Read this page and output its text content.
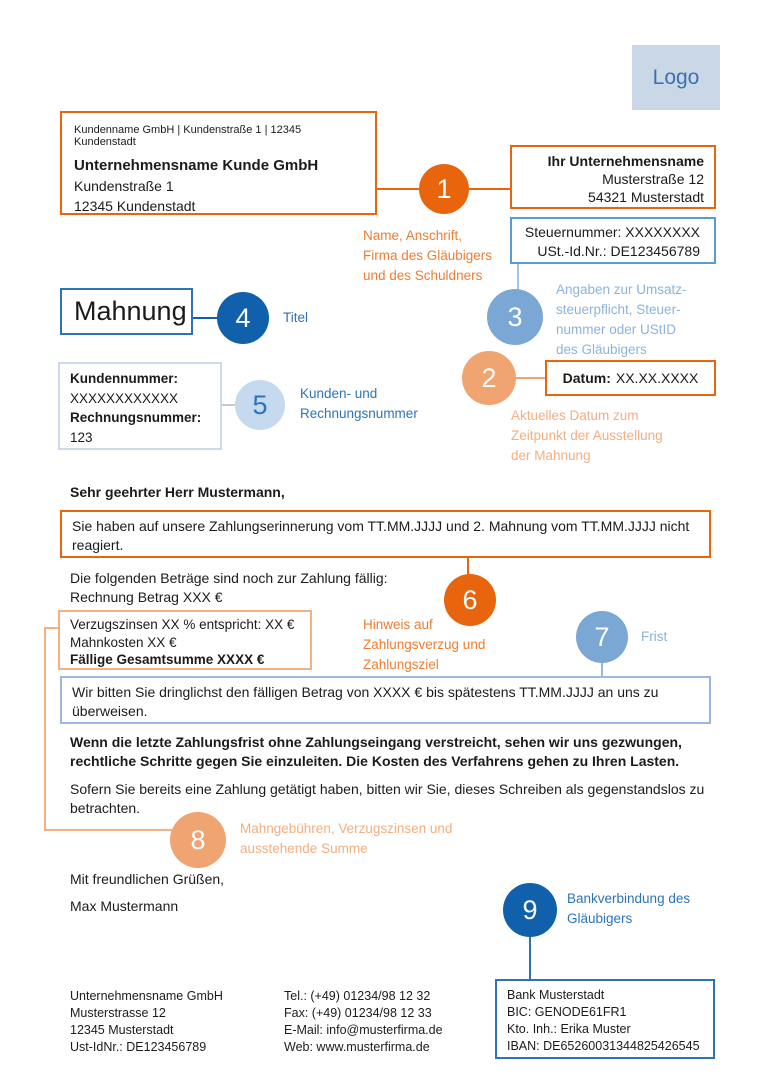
Logo
Kundenname GmbH | Kundenstraße 1 | 12345 Kundenstadt
Unternehmensname Kunde GmbH
Kundenstraße 1
12345 Kundenstadt
1
Name, Anschrift,
Firma des Gläubigers
und des Schuldners
Ihr Unternehmensname
Musterstraße 12
54321 Musterstadt
Steuernummer: XXXXXXXX
USt.-Id.Nr.: DE123456789
3
Angaben zur Umsatz-
steuerpflicht, Steuer-
nummer oder UStID
des Gläubigers
Mahnung 4 Titel
2	Datum: XX.XX.XXXX
Aktuelles Datum zum
Zeitpunkt der Ausstellung
der Mahnung
Kundennummer:
XXXXXXXXXXXX
Rechnungsnummer:
123
5 Kunden- und
Rechnungsnummer
Sehr geehrter Herr Mustermann,
Sie haben auf unsere Zahlungserinnerung vom TT.MM.JJJJ und 2. Mahnung vom TT.MM.JJJJ nicht reagiert.
Die folgenden Beträge sind noch zur Zahlung fällig:
Rechnung Betrag XXX €	6
Hinweis auf
Zahlungsverzug und
Zahlungsziel
Verzugszinsen XX % entspricht: XX €
Mahnkosten XX €
Fällige Gesamtsumme XXXX €
7 Frist
Wir bitten Sie dringlichst den fälligen Betrag von XXXX € bis spätestens TT.MM.JJJJ an uns zu überweisen.
Wenn die letzte Zahlungsfrist ohne Zahlungseingang verstreicht, sehen wir uns gezwungen, rechtliche Schritte gegen Sie einzuleiten. Die Kosten des Verfahrens gehen zu Ihren Lasten.
Sofern Sie bereits eine Zahlung getätigt haben, bitten wir Sie, dieses Schreiben als gegenstandslos zu betrachten.
8	Mahngebühren, Verzugszinsen und
ausstehende Summe
Mit freundlichen Grüßen,
Max Mustermann	9 Bankverbindung des
Gläubigers
Unternehmensname GmbH
Musterstrasse 12
12345 Musterstadt
Ust-IdNr.: DE123456789
Tel.: (+49) 01234/98 12 32
Fax: (+49) 01234/98 12 33
E-Mail: info@musterfirma.de
Web: www.musterfirma.de
Bank Musterstadt
BIC: GENODE61FR1
Kto. Inh.: Erika Muster
IBAN: DE65260031344825426545
